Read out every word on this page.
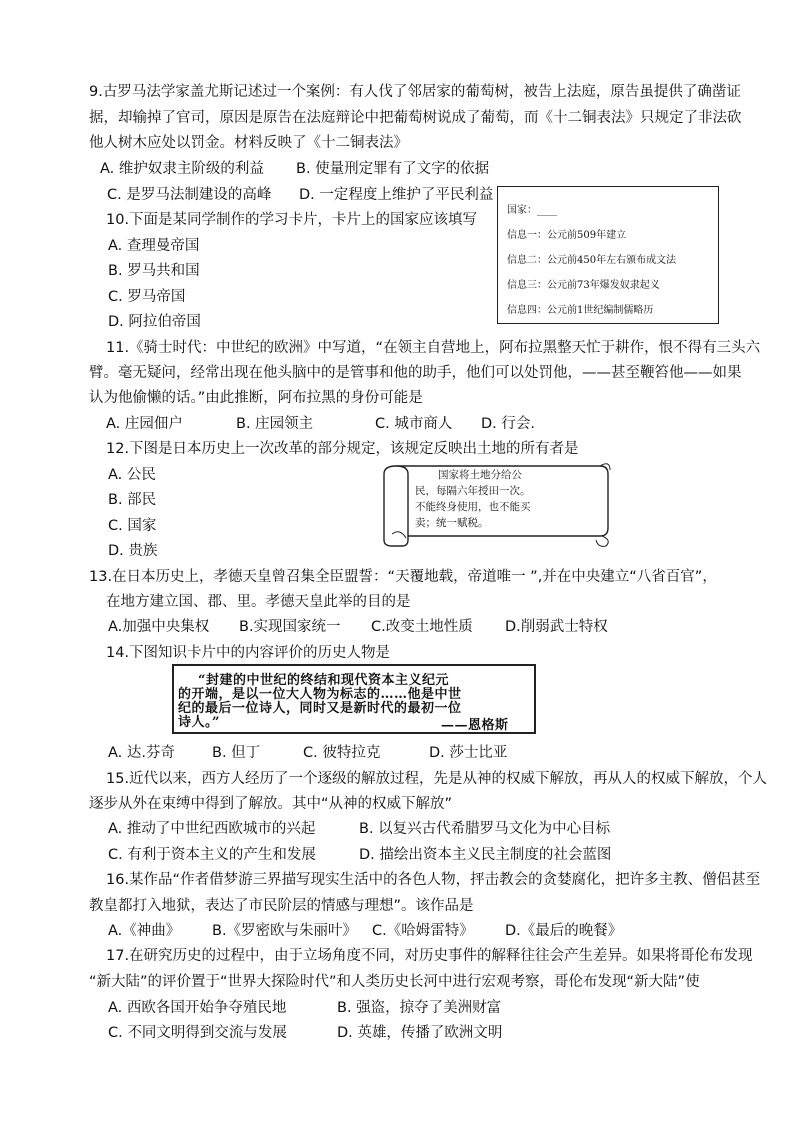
9.古罗马法学家盖尤斯记述过一个案例：有人伐了邻居家的葡萄树，被告上法庭，原告虽提供了确凿证
据，却输掉了官司，原因是原告在法庭辩论中把葡萄树说成了葡萄，而《十二铜表法》只规定了非法砍
他人树木应处以罚金。材料反映了《十二铜表法》
A. 维护奴隶主阶级的利益 B. 使量刑定罪有了文字的依据
C. 是罗马法制建设的高峰 D. 一定程度上维护了平民利益
10.下面是某同学制作的学习卡片，卡片上的国家应该填写
A. 查理曼帝国
B. 罗马共和国
C. 罗马帝国
D. 阿拉伯帝国
国家：____
信息一：公元前509年建立
信息二：公元前450年左右颁布成文法
信息三：公元前73年爆发奴隶起义
信息四：公元前1世纪编制儒略历
11.《骑士时代：中世纪的欧洲》中写道，“在领主自营地上，阿布拉黑整天忙于耕作，恨不得有三头六
臂。毫无疑问，经常出现在他头脑中的是管事和他的助手，他们可以处罚他，——甚至鞭笞他——如果
认为他偷懒的话。”由此推断，阿布拉黑的身份可能是
A. 庄园佃户	B. 庄园领主	C. 城市商人 D. 行会.
12.下图是日本历史上一次改革的部分规定，该规定反映出土地的所有者是
A. 公民
B. 部民
C. 国家
D. 贵族
国家将土地分给公
民，每隔六年授田一次。
不能终身使用，也不能买
卖；统一赋税。
13.在日本历史上，孝德天皇曾召集全臣盟誓：“天覆地载，帝道唯一 ”,并在中央建立“八省百官”，
在地方建立国、郡、里。孝德天皇此举的目的是
A.加强中央集权 B.实现国家统一 C.改变土地性质 D.削弱武士特权
14.下图知识卡片中的内容评价的历史人物是
“封建的中世纪的终结和现代资本主义纪元
的开端，是以一位大人物为标志的……他是中世
纪的最后一位诗人，同时又是新时代的最初一位
诗人。”	——恩格斯
A. 达.芬奇	B. 但丁	C. 彼特拉克	D. 莎士比亚
15.近代以来，西方人经历了一个逐级的解放过程，先是从神的权威下解放，再从人的权威下解放，个人
逐步从外在束缚中得到了解放。其中“从神的权威下解放”
A. 推动了中世纪西欧城市的兴起	B. 以复兴古代希腊罗马文化为中心目标
C. 有利于资本主义的产生和发展	D. 描绘出资本主义民主制度的社会蓝图
16.某作品“作者借梦游三界描写现实生活中的各色人物，抨击教会的贪婪腐化，把许多主教、僧侣甚至
教皇都打入地狱，表达了市民阶层的情感与理想”。该作品是
A.《神曲》 B.《罗密欧与朱丽叶》 C.《哈姆雷特》 D.《最后的晚餐》
17.在研究历史的过程中，由于立场角度不同，对历史事件的解释往往会产生差异。如果将哥伦布发现
“新大陆”的评价置于“世界大探险时代”和人类历史长河中进行宏观考察，哥伦布发现“新大陆”使
A. 西欧各国开始争夺殖民地	B. 强盗，掠夺了美洲财富
C. 不同文明得到交流与发展	D. 英雄，传播了欧洲文明
